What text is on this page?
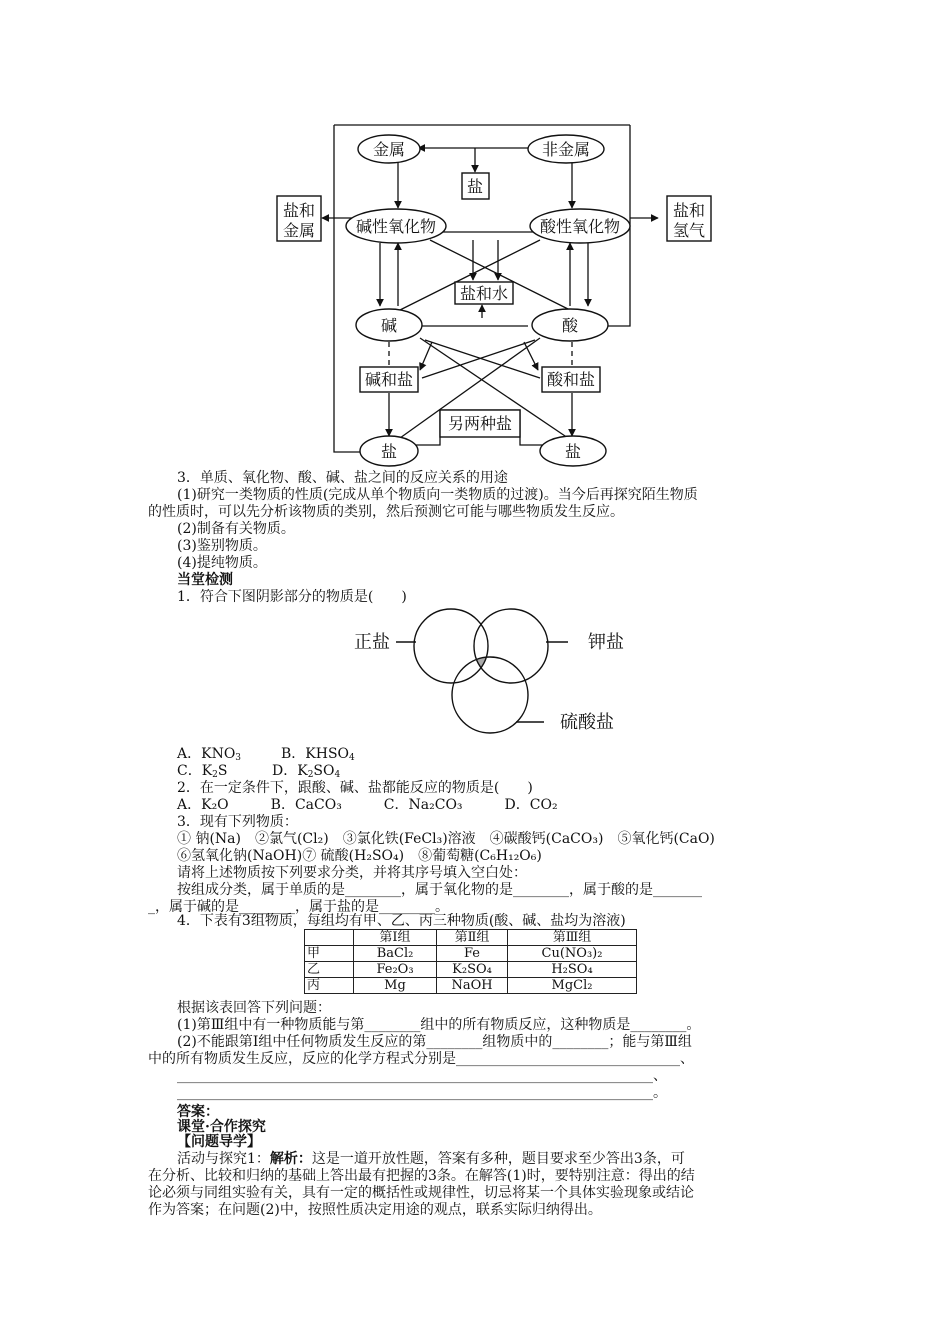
金属	非金属
盐
盐和
金属
盐和
氢气
碱性氧化物	酸性氧化物
盐和水
碱	酸
碱和盐	酸和盐
另两种盐
盐	盐
3．单质、氧化物、酸、碱、盐之间的反应关系的用途
(1)研究一类物质的性质(完成从单个物质向一类物质的过渡)。当今后再探究陌生物质
的性质时，可以先分析该物质的类别，然后预测它可能与哪些物质发生反应。
(2)制备有关物质。
(3)鉴别物质。
(4)提纯物质。
当堂检测
1．符合下图阴影部分的物质是(　　)
正盐	钾盐
硫酸盐
A．$KNO_3$	B．$KHSO_4$
C．$K_2S$	D．$K_2SO_4$
2．在一定条件下，跟酸、碱、盐都能反应的物质是(　　)
A．K₂O　　　B．CaCO₃　　　C．Na₂CO₃　　　D．CO₂
3．现有下列物质：
① 钠(Na)　②氯气(Cl₂)　③氯化铁(FeCl₃)溶液　④碳酸钙(CaCO₃)　⑤氧化钙(CaO)
⑥氢氧化钠(NaOH)⑦ 硫酸(H₂SO₄)　⑧葡萄糖(C₆H₁₂O₆)
请将上述物质按下列要求分类，并将其序号填入空白处：
按组成分类，属于单质的是________，属于氧化物的是________，属于酸的是_______
_，属于碱的是________，属于盐的是________。
4．下表有3组物质，每组均有甲、乙、丙三种物质(酸、碱、盐均为溶液)
	第Ⅰ组	第Ⅱ组	第Ⅲ组
甲	BaCl₂	Fe	Cu(NO₃)₂
乙	Fe₂O₃	K₂SO₄	H₂SO₄
丙	Mg	NaOH	MgCl₂
根据该表回答下列问题：
(1)第Ⅲ组中有一种物质能与第________组中的所有物质反应，这种物质是________。
(2)不能跟第Ⅰ组中任何物质发生反应的第________组物质中的________；能与第Ⅲ组
中的所有物质发生反应，反应的化学方程式分别是________________________________、
____________________________________________________________________、
____________________________________________________________________。
答案：
课堂·合作探究
【问题导学】
活动与探究1：解析：这是一道开放性题，答案有多种，题目要求至少答出3条，可
在分析、比较和归纳的基础上答出最有把握的3条。在解答(1)时，要特别注意：得出的结
论必须与同组实验有关，具有一定的概括性或规律性，切忌将某一个具体实验现象或结论
作为答案；在问题(2)中，按照性质决定用途的观点，联系实际归纳得出。
